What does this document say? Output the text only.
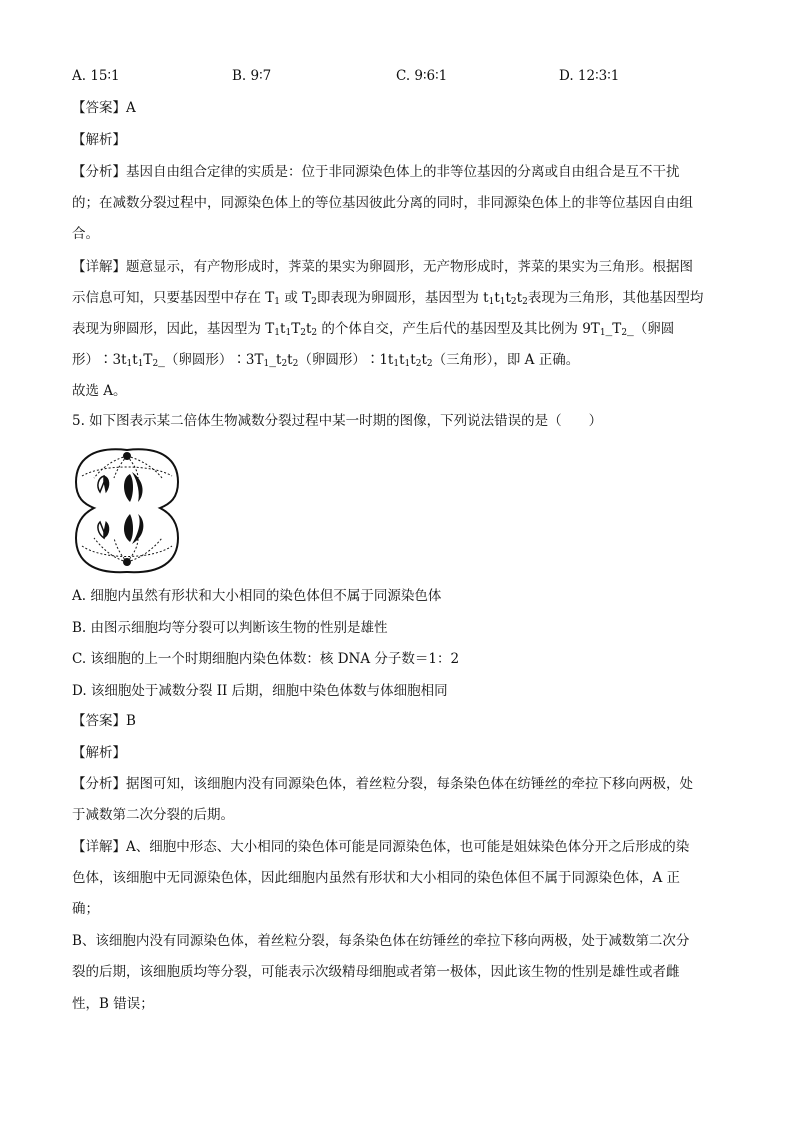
A. 15∶1	B. 9∶7	C. 9∶6∶1	D. 12∶3∶1
【答案】A
【解析】
【分析】基因自由组合定律的实质是：位于非同源染色体上的非等位基因的分离或自由组合是互不干扰
的；在减数分裂过程中，同源染色体上的等位基因彼此分离的同时，非同源染色体上的非等位基因自由组
合。
【详解】题意显示，有产物形成时，荠菜的果实为卵圆形，无产物形成时，荠菜的果实为三角形。根据图
示信息可知，只要基因型中存在 $T_1$ 或 $T_2$即表现为卵圆形，基因型为 $t_1t_1t_2t_2$表现为三角形，其他基因型均
表现为卵圆形，因此，基因型为 $T_1t_1T_2t_2$ 的个体自交，产生后代的基因型及其比例为 $9T_1\_T_2\_$（卵圆
形）$∶3t_1t_1T_2\_$（卵圆形）$∶3T_1\_t_2t_2$（卵圆形）$∶1t_1t_1t_2t_2$（三角形），即 A 正确。
故选 A。
5. 如下图表示某二倍体生物减数分裂过程中某一时期的图像，下列说法错误的是（　　）
A. 细胞内虽然有形状和大小相同的染色体但不属于同源染色体
B. 由图示细胞均等分裂可以判断该生物的性别是雄性
C. 该细胞的上一个时期细胞内染色体数：核 DNA 分子数＝1：2
D. 该细胞处于减数分裂 II 后期，细胞中染色体数与体细胞相同
【答案】B
【解析】
【分析】据图可知，该细胞内没有同源染色体，着丝粒分裂，每条染色体在纺锤丝的牵拉下移向两极，处
于减数第二次分裂的后期。
【详解】A、细胞中形态、大小相同的染色体可能是同源染色体，也可能是姐妹染色体分开之后形成的染
色体，该细胞中无同源染色体，因此细胞内虽然有形状和大小相同的染色体但不属于同源染色体，A 正
确；
B、该细胞内没有同源染色体，着丝粒分裂，每条染色体在纺锤丝的牵拉下移向两极，处于减数第二次分
裂的后期，该细胞质均等分裂，可能表示次级精母细胞或者第一极体，因此该生物的性别是雄性或者雌
性，B 错误；
